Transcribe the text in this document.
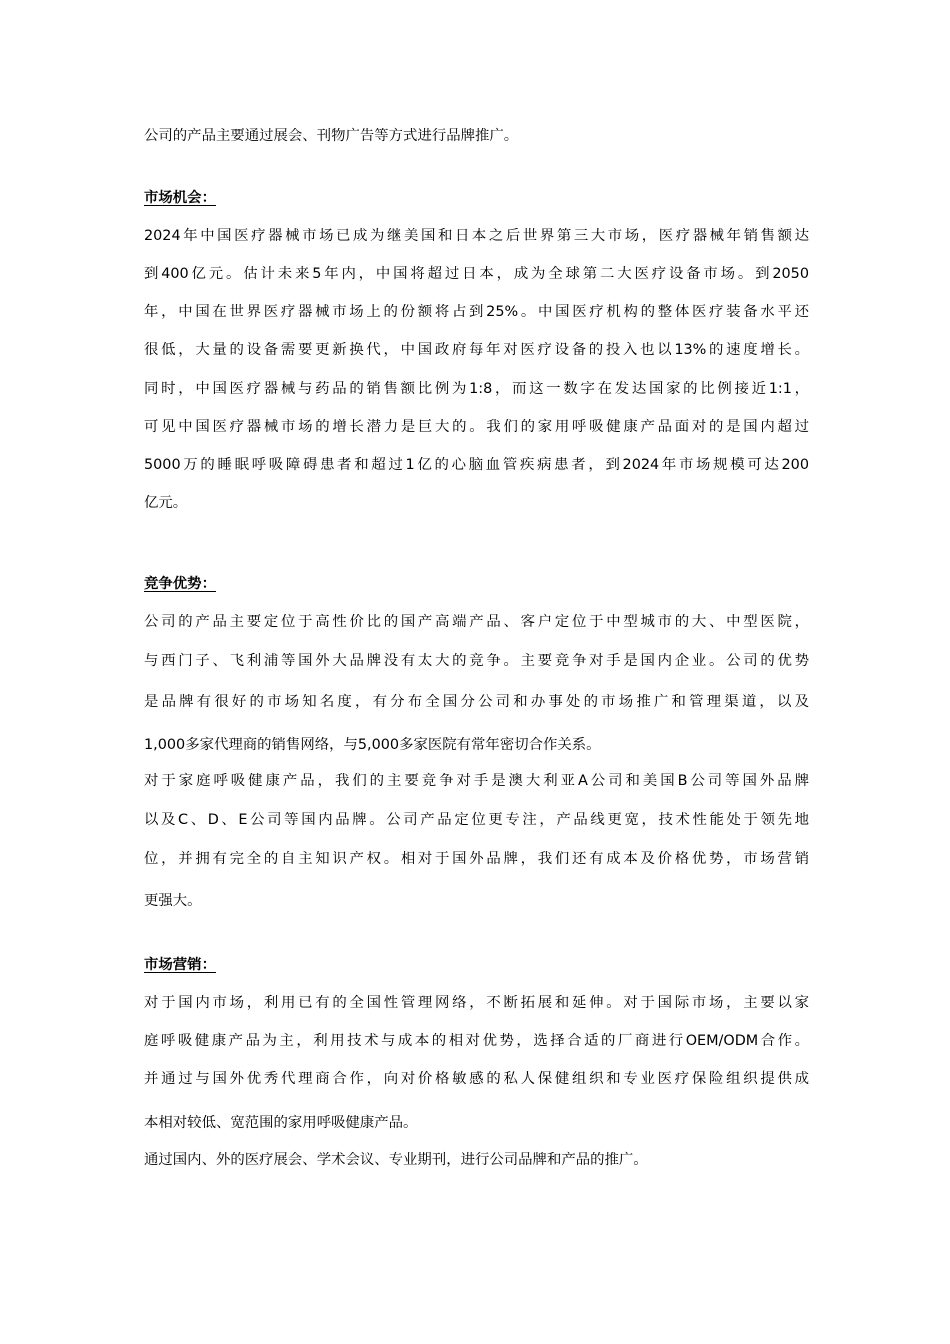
公司的产品主要通过展会、刊物广告等方式进行品牌推广。
市场机会：
2024年中国医疗器械市场已成为继美国和日本之后世界第三大市场，医疗器械年销售额达
到400亿元。估计未来5年内，中国将超过日本，成为全球第二大医疗设备市场。到2050
年，中国在世界医疗器械市场上的份额将占到25%。中国医疗机构的整体医疗装备水平还
很低，大量的设备需要更新换代，中国政府每年对医疗设备的投入也以13%的速度增长。
同时，中国医疗器械与药品的销售额比例为1:8，而这一数字在发达国家的比例接近1:1，
可见中国医疗器械市场的增长潜力是巨大的。我们的家用呼吸健康产品面对的是国内超过
5000万的睡眠呼吸障碍患者和超过1亿的心脑血管疾病患者，到2024年市场规模可达200
亿元。
竞争优势：
公司的产品主要定位于高性价比的国产高端产品、客户定位于中型城市的大、中型医院，
与西门子、飞利浦等国外大品牌没有太大的竞争。主要竞争对手是国内企业。公司的优势
是品牌有很好的市场知名度，有分布全国分公司和办事处的市场推广和管理渠道，以及
1,000多家代理商的销售网络，与5,000多家医院有常年密切合作关系。
对于家庭呼吸健康产品，我们的主要竞争对手是澳大利亚A公司和美国B公司等国外品牌
以及C、D、E公司等国内品牌。公司产品定位更专注，产品线更宽，技术性能处于领先地
位，并拥有完全的自主知识产权。相对于国外品牌，我们还有成本及价格优势，市场营销
更强大。
市场营销：
对于国内市场，利用已有的全国性管理网络，不断拓展和延伸。对于国际市场，主要以家
庭呼吸健康产品为主，利用技术与成本的相对优势，选择合适的厂商进行OEM/ODM合作。
并通过与国外优秀代理商合作，向对价格敏感的私人保健组织和专业医疗保险组织提供成
本相对较低、宽范围的家用呼吸健康产品。
通过国内、外的医疗展会、学术会议、专业期刊，进行公司品牌和产品的推广。
